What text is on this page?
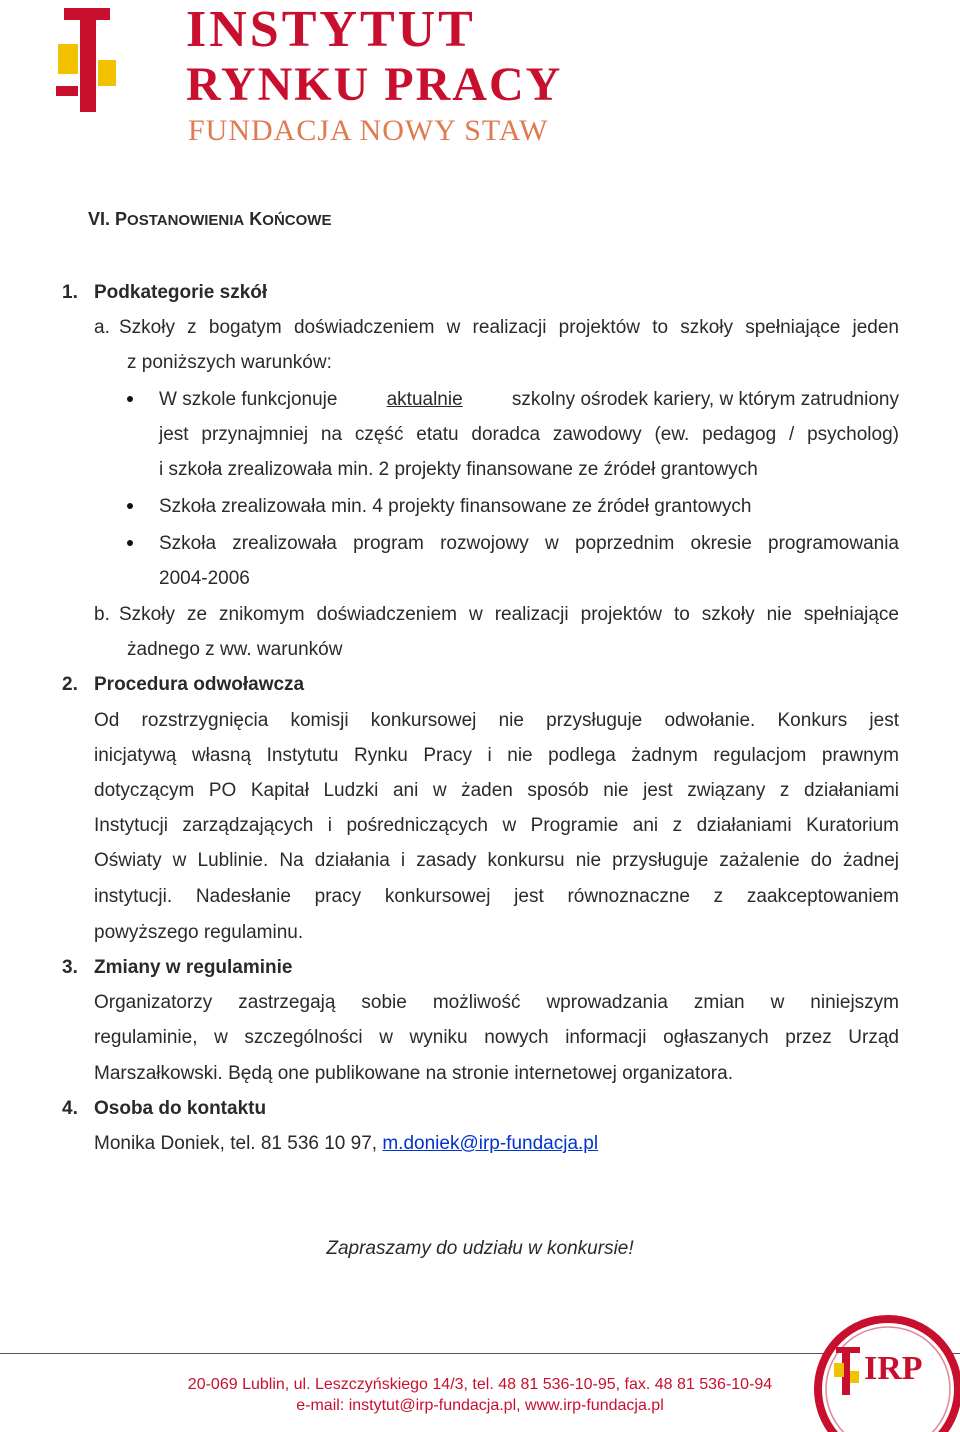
INSTYTUT
RYNKU PRACY
FUNDACJA NOWY STAW
VI. POSTANOWIENIA KOŃCOWE
1. Podkategorie szkół
a. Szkoły z bogatym doświadczeniem w realizacji projektów to szkoły spełniające jeden
z poniższych warunków:
W szkole funkcjonuje	aktualnie	szkolny ośrodek kariery, w którym zatrudniony
jest przynajmniej na część etatu doradca zawodowy (ew. pedagog / psycholog)
i szkoła zrealizowała min. 2 projekty finansowane ze źródeł grantowych
Szkoła zrealizowała min. 4 projekty finansowane ze źródeł grantowych
Szkoła zrealizowała program rozwojowy w poprzednim okresie programowania
2004-2006
b. Szkoły ze znikomym doświadczeniem w realizacji projektów to szkoły nie spełniające
żadnego z ww. warunków
2. Procedura odwoławcza
Od rozstrzygnięcia komisji konkursowej nie przysługuje odwołanie. Konkurs jest
inicjatywą własną Instytutu Rynku Pracy i nie podlega żadnym regulacjom prawnym
dotyczącym PO Kapitał Ludzki ani w żaden sposób nie jest związany z działaniami
Instytucji zarządzających i pośredniczących w Programie ani z działaniami Kuratorium
Oświaty w Lublinie. Na działania i zasady konkursu nie przysługuje zażalenie do żadnej
instytucji. Nadesłanie pracy konkursowej jest równoznaczne z zaakceptowaniem
powyższego regulaminu.
3. Zmiany w regulaminie
Organizatorzy zastrzegają sobie możliwość wprowadzania zmian w niniejszym
regulaminie, w szczególności w wyniku nowych informacji ogłaszanych przez Urząd
Marszałkowski. Będą one publikowane na stronie internetowej organizatora.
4. Osoba do kontaktu
Monika Doniek, tel. 81 536 10 97, m.doniek@irp-fundacja.pl
Zapraszamy do udziału w konkursie!
20-069 Lublin, ul. Leszczyńskiego 14/3, tel. 48 81 536-10-95, fax. 48 81 536-10-94
e-mail: instytut@irp-fundacja.pl, www.irp-fundacja.pl
IRP
